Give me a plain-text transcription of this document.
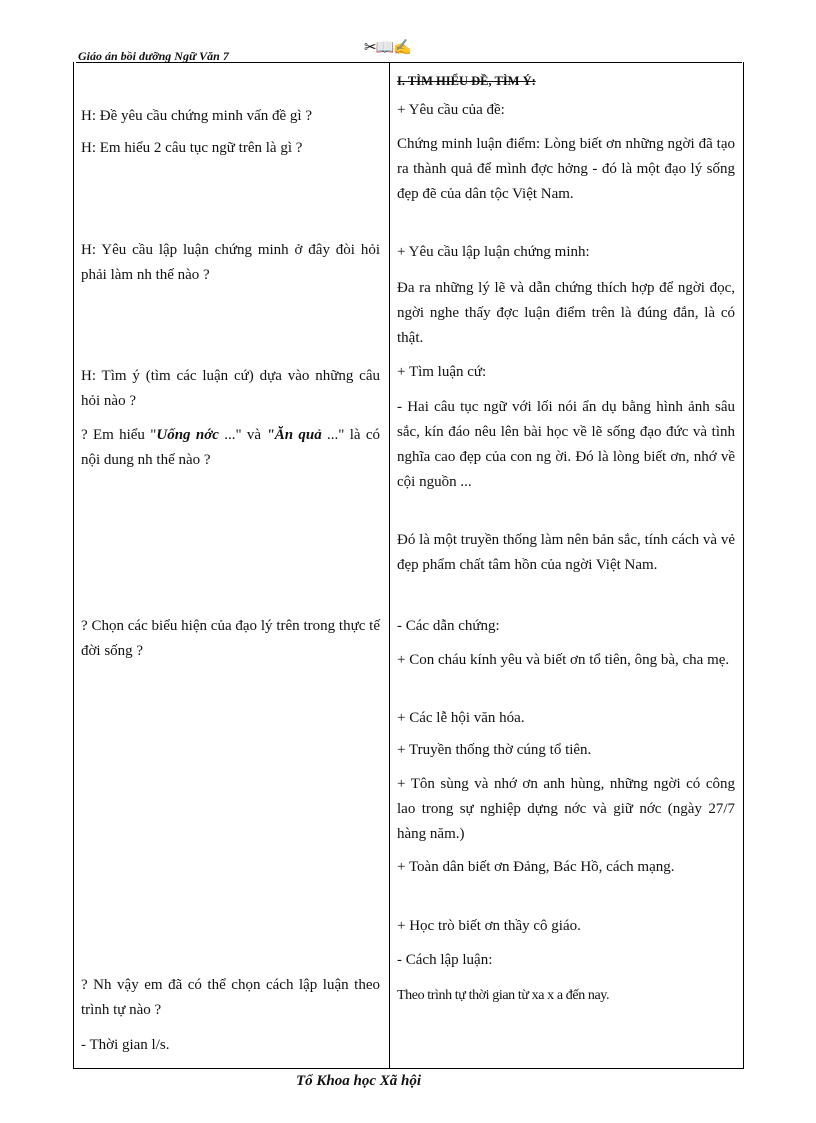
Giáo án bồi dưỡng Ngữ Văn 7	✂📖✍

H: Đề yêu cầu chứng minh vấn đề gì ?

H: Em hiểu 2 câu tục ngữ trên là gì ?

H: Yêu cầu lập luận chứng minh ở đây đòi hỏi phải làm nh thế nào ?

H: Tìm ý (tìm các luận cứ) dựa vào những câu hỏi nào ?

? Em hiểu "Uống nớc ..." và "Ăn quả ..." là có nội dung nh thế nào ?

? Chọn các biểu hiện của đạo lý trên trong thực tế đời sống ?

? Nh vậy em đã có thể chọn cách lập luận theo trình tự nào ?

- Thời gian l/s.

I. TÌM HIỂU ĐỀ, TÌM Ý:

+ Yêu cầu của đề:

Chứng minh luận điểm: Lòng biết ơn những ngời đã tạo ra thành quả để mình đợc hởng - đó là một đạo lý sống đẹp đẽ của dân tộc Việt Nam.

+ Yêu cầu lập luận chứng minh:

Đa ra những lý lẽ và dẫn chứng thích hợp để ngời đọc, ngời nghe thấy đợc luận điểm trên là đúng đắn, là có thật.

+ Tìm luận cứ:

- Hai câu tục ngữ với lối nói ẩn dụ bằng hình ảnh sâu sắc, kín đáo nêu lên bài học về lẽ sống đạo đức và tình nghĩa cao đẹp của con ng ời. Đó là lòng biết ơn, nhớ về cội nguồn ...

Đó là một truyền thống làm nên bản sắc, tính cách và vẻ đẹp phẩm chất tâm hồn của ngời Việt Nam.

- Các dẫn chứng:

+ Con cháu kính yêu và biết ơn tổ tiên, ông bà, cha mẹ.

+ Các lễ hội văn hóa.

+ Truyền thống thờ cúng tổ tiên.

+ Tôn sùng và nhớ ơn anh hùng, những ngời có công lao trong sự nghiệp dựng nớc và giữ nớc (ngày 27/7 hàng năm.)

+ Toàn dân biết ơn Đảng, Bác Hồ, cách mạng.

+ Học trò biết ơn thầy cô giáo.

- Cách lập luận:

Theo trình tự thời gian từ xa x a đến nay.

Tổ Khoa học Xã hội
